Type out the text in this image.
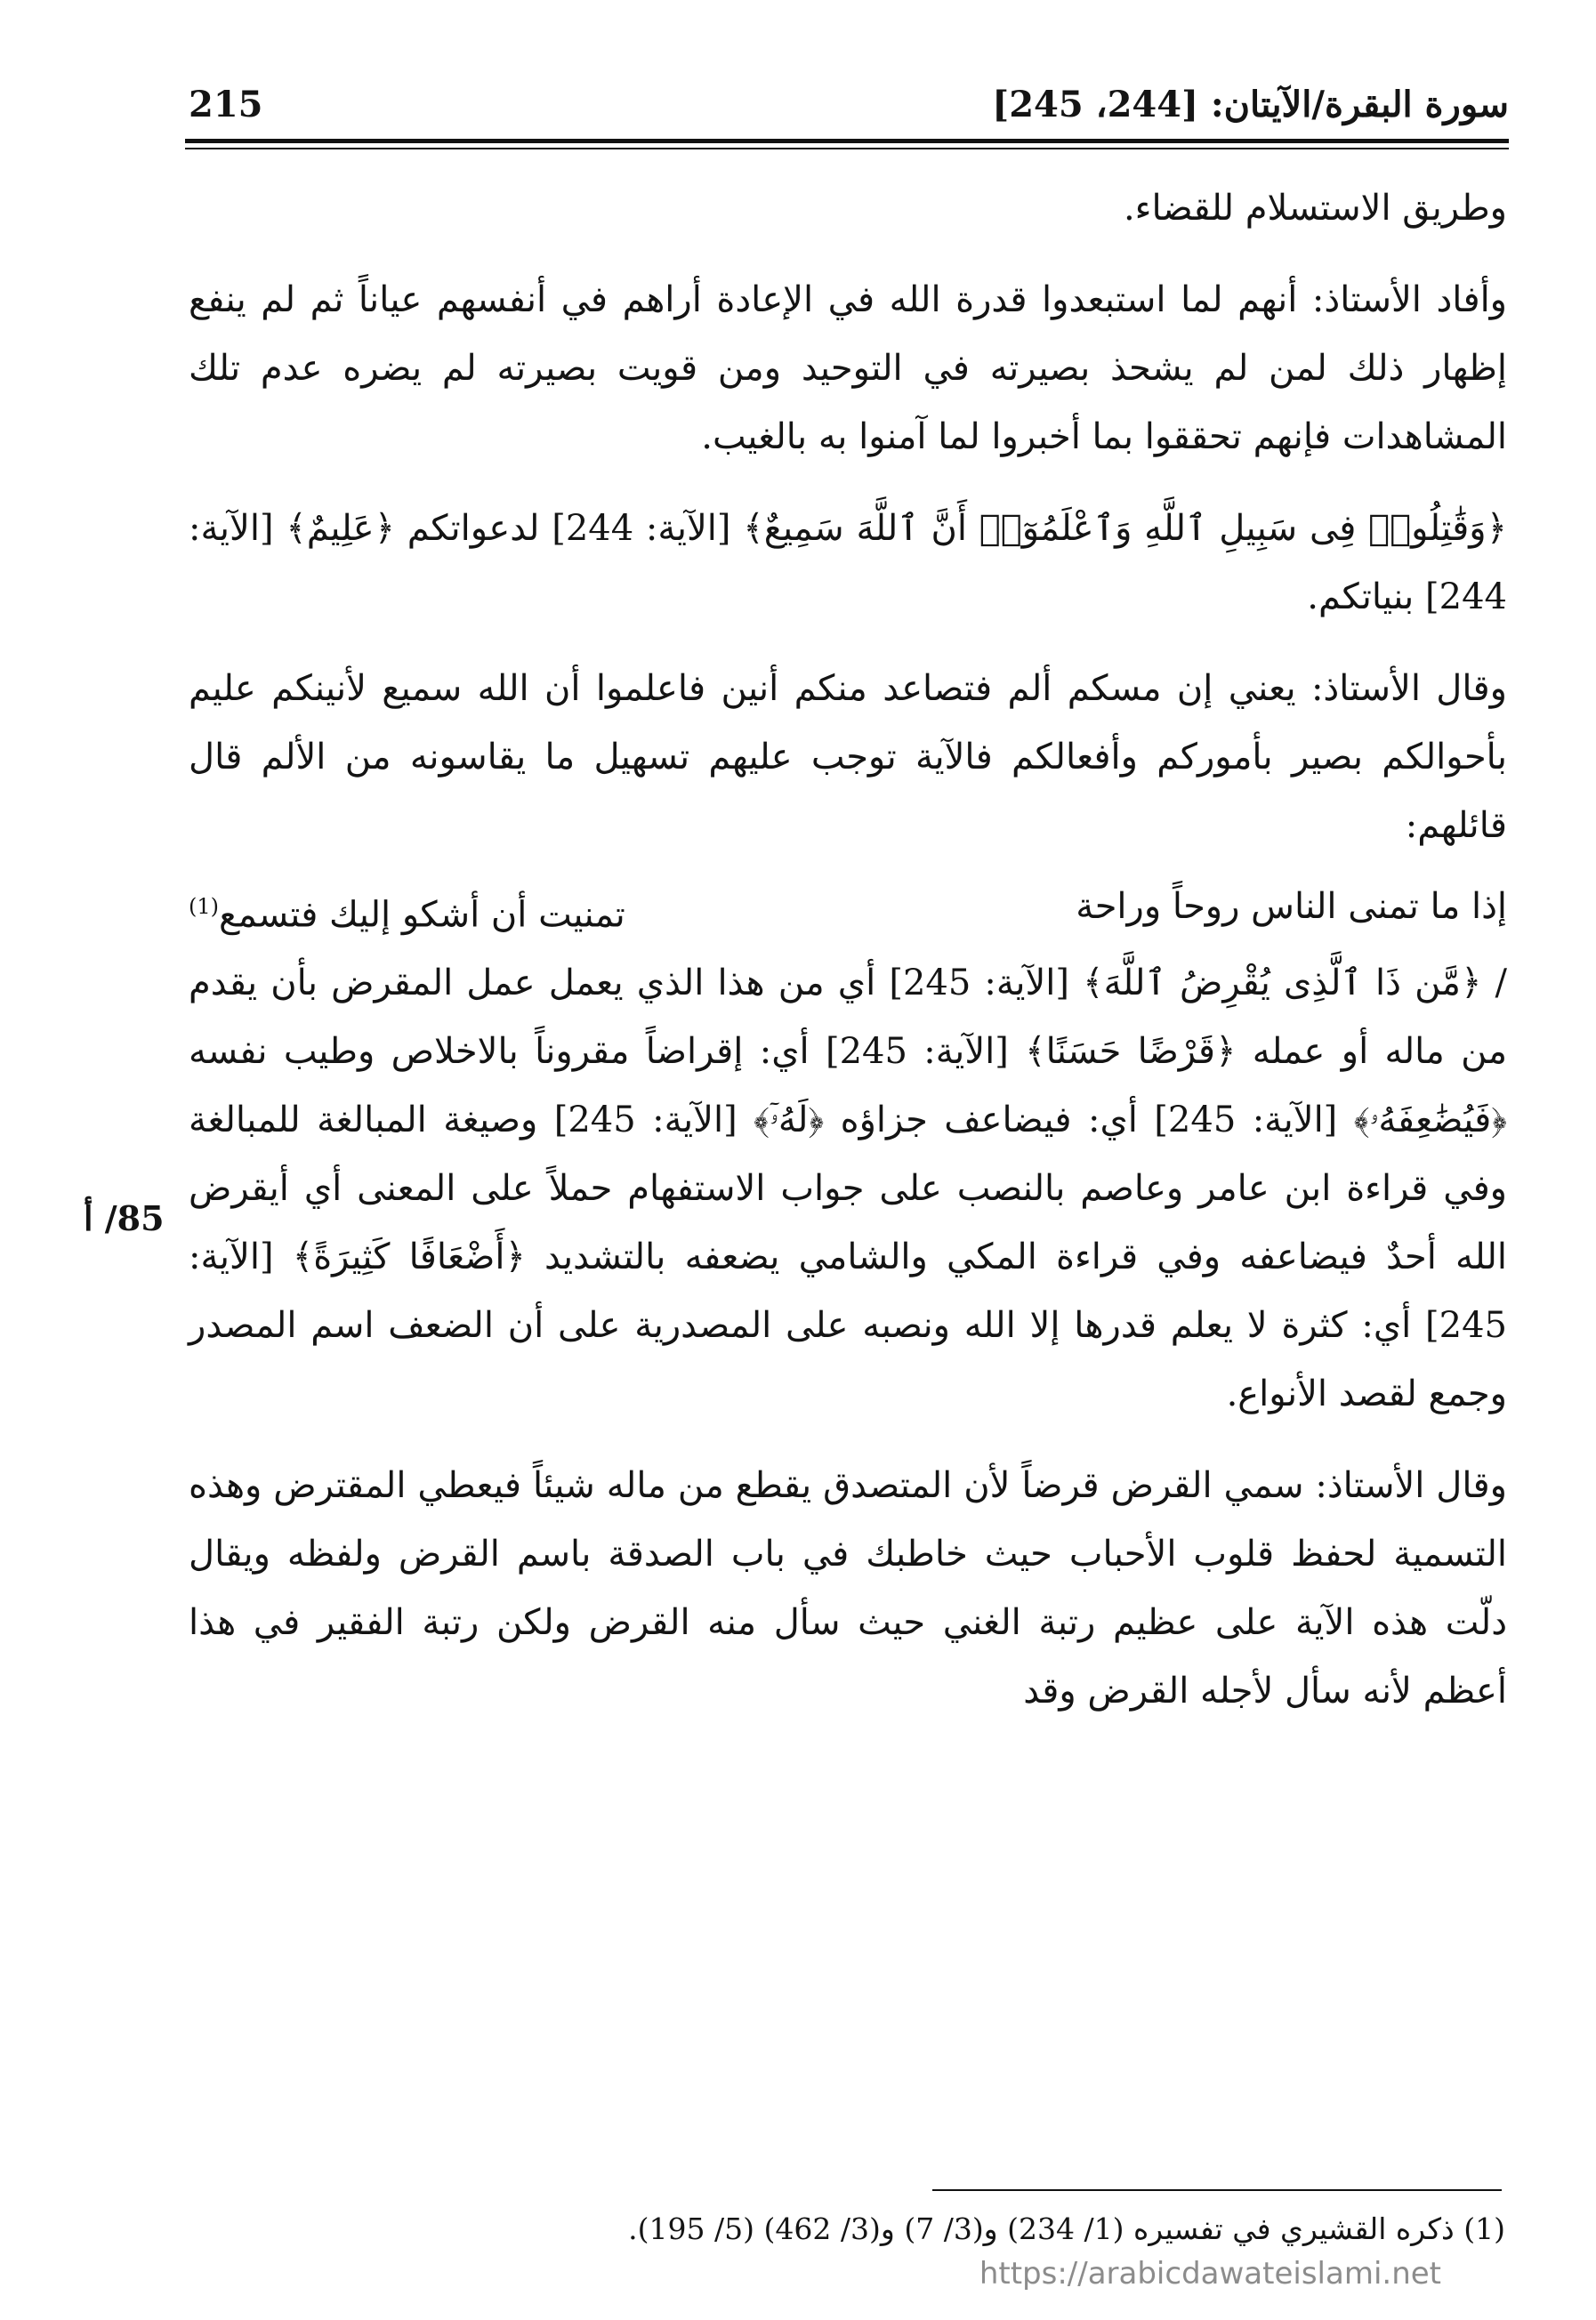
سورة البقرة/الآيتان: [244، 245]
215
85/ أ

وطريق الاستسلام للقضاء.

وأفاد الأستاذ: أنهم لما استبعدوا قدرة الله في الإعادة أراهم في أنفسهم عياناً ثم لم ينفع إظهار ذلك لمن لم يشحذ بصيرته في التوحيد ومن قويت بصيرته لم يضره عدم تلك المشاهدات فإنهم تحققوا بما أخبروا لما آمنوا به بالغيب.

﴿وَقَٰتِلُوا۟ فِى سَبِيلِ ٱللَّهِ وَٱعْلَمُوٓا۟ أَنَّ ٱللَّهَ سَمِيعٌ﴾ [الآية: 244] لدعواتكم ﴿عَلِيمٌ﴾ [الآية: 244] بنياتكم.

وقال الأستاذ: يعني إن مسكم ألم فتصاعد منكم أنين فاعلموا أن الله سميع لأنينكم عليم بأحوالكم بصير بأموركم وأفعالكم فالآية توجب عليهم تسهيل ما يقاسونه من الألم قال قائلهم:

إذا ما تمنى الناس روحاً وراحة
تمنيت أن أشكو إليك فتسمع$^{(1)}$

/ ﴿مَّن ذَا ٱلَّذِى يُقْرِضُ ٱللَّهَ﴾ [الآية: 245] أي من هذا الذي يعمل عمل المقرض بأن يقدم من ماله أو عمله ﴿قَرْضًا حَسَنًا﴾ [الآية: 245] أي: إقراضاً مقروناً بالاخلاص وطيب نفسه ﴿فَيُضَٰعِفَهُۥ﴾ [الآية: 245] أي: فيضاعف جزاؤه ﴿لَهُۥٓ﴾ [الآية: 245] وصيغة المبالغة للمبالغة وفي قراءة ابن عامر وعاصم بالنصب على جواب الاستفهام حملاً على المعنى أي أيقرض الله أحدٌ فيضاعفه وفي قراءة المكي والشامي يضعفه بالتشديد ﴿أَضْعَافًا كَثِيرَةً﴾ [الآية: 245] أي: كثرة لا يعلم قدرها إلا الله ونصبه على المصدرية على أن الضعف اسم المصدر وجمع لقصد الأنواع.

وقال الأستاذ: سمي القرض قرضاً لأن المتصدق يقطع من ماله شيئاً فيعطي المقترض وهذه التسمية لحفظ قلوب الأحباب حيث خاطبك في باب الصدقة باسم القرض ولفظه ويقال دلّت هذه الآية على عظيم رتبة الغني حيث سأل منه القرض ولكن رتبة الفقير في هذا أعظم لأنه سأل لأجله القرض وقد

(1) ذكره القشيري في تفسيره (1/ 234) و(3/ 7) و(3/ 462) (5/ 195).
https://arabicdawateislami.net
